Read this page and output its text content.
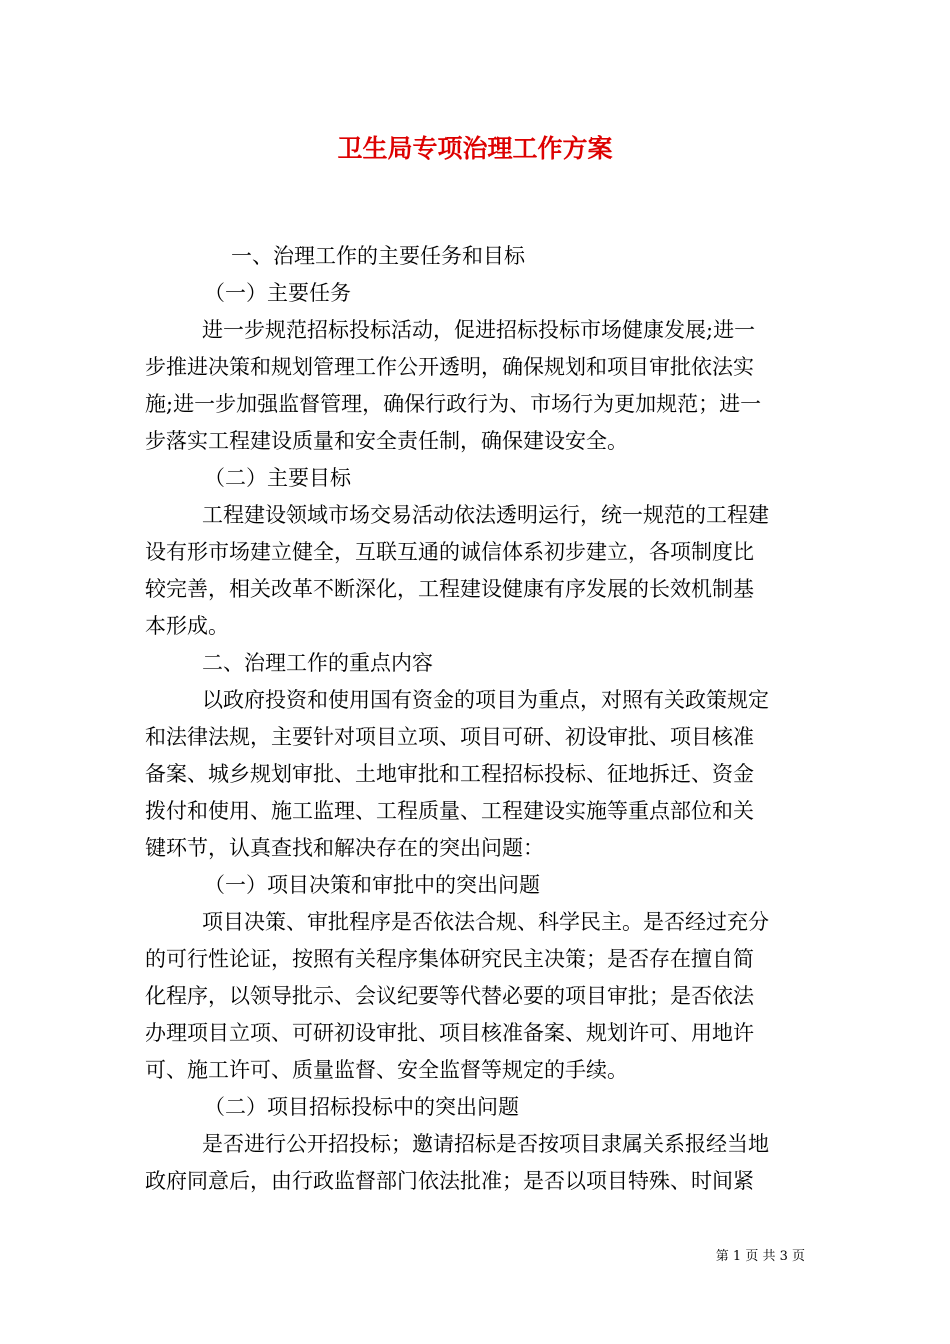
卫生局专项治理工作方案
一、治理工作的主要任务和目标
（一）主要任务
进一步规范招标投标活动，促进招标投标市场健康发展;进一
步推进决策和规划管理工作公开透明，确保规划和项目审批依法实
施;进一步加强监督管理，确保行政行为、市场行为更加规范；进一
步落实工程建设质量和安全责任制，确保建设安全。
（二）主要目标
工程建设领域市场交易活动依法透明运行，统一规范的工程建
设有形市场建立健全，互联互通的诚信体系初步建立，各项制度比
较完善，相关改革不断深化，工程建设健康有序发展的长效机制基
本形成。
二、治理工作的重点内容
以政府投资和使用国有资金的项目为重点，对照有关政策规定
和法律法规，主要针对项目立项、项目可研、初设审批、项目核准
备案、城乡规划审批、土地审批和工程招标投标、征地拆迁、资金
拨付和使用、施工监理、工程质量、工程建设实施等重点部位和关
键环节，认真查找和解决存在的突出问题：
（一）项目决策和审批中的突出问题
项目决策、审批程序是否依法合规、科学民主。是否经过充分
的可行性论证，按照有关程序集体研究民主决策；是否存在擅自简
化程序，以领导批示、会议纪要等代替必要的项目审批；是否依法
办理项目立项、可研初设审批、项目核准备案、规划许可、用地许
可、施工许可、质量监督、安全监督等规定的手续。
（二）项目招标投标中的突出问题
是否进行公开招投标；邀请招标是否按项目隶属关系报经当地
政府同意后，由行政监督部门依法批准；是否以项目特殊、时间紧
第 1 页 共 3 页
